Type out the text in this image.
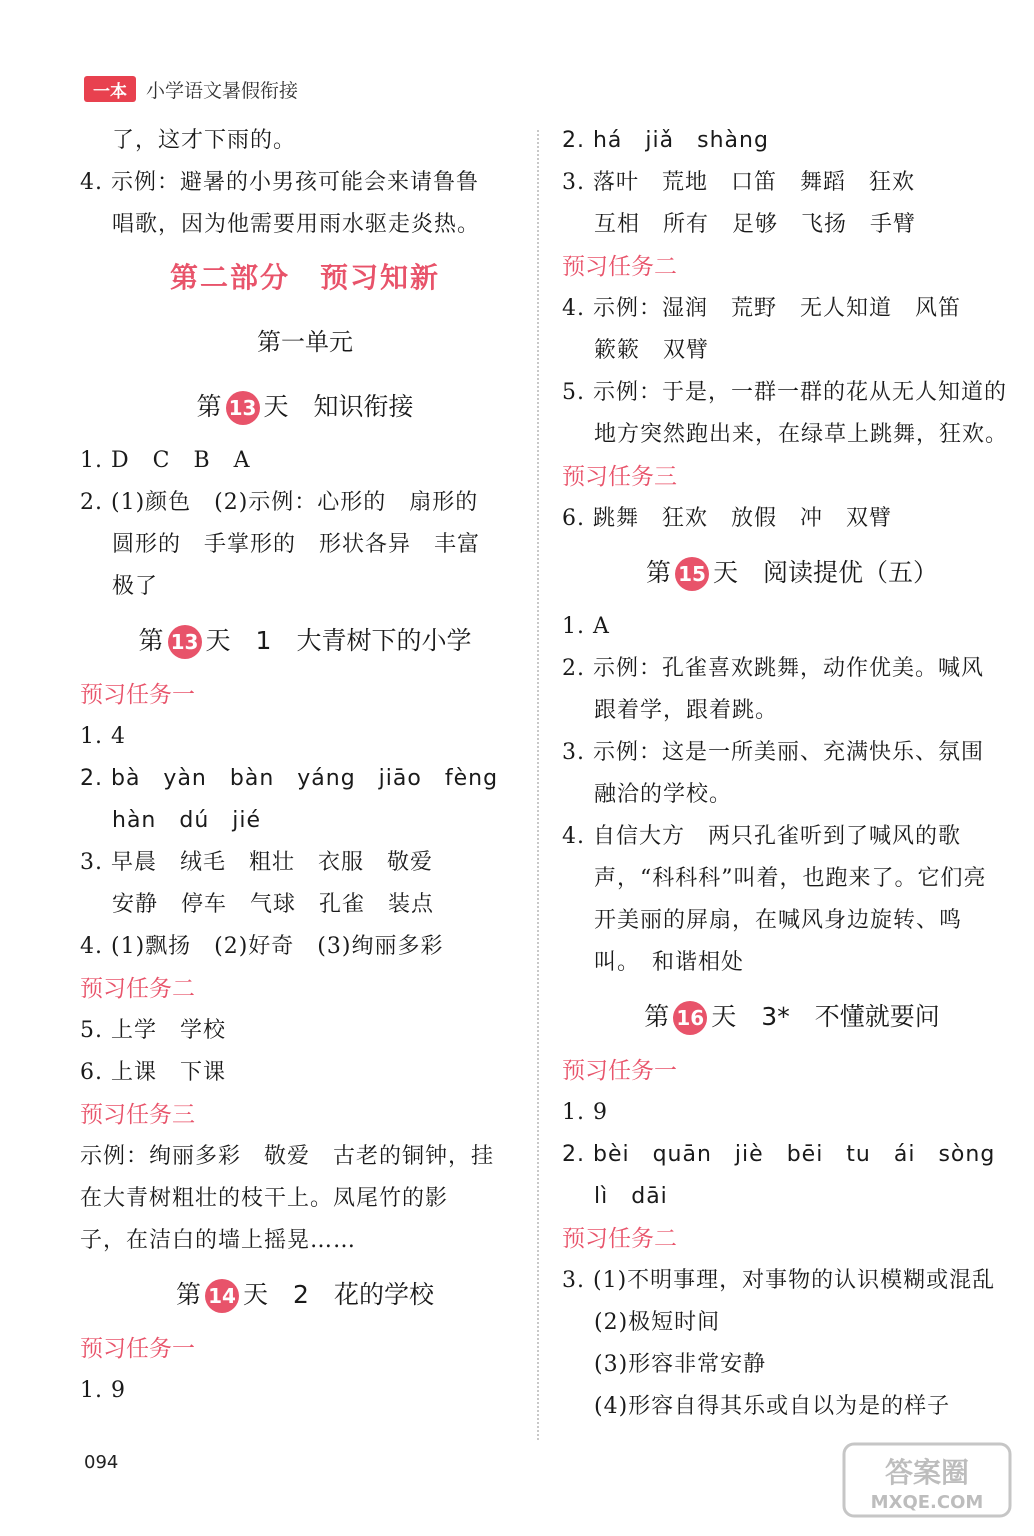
一本	小学语文暑假衔接
了，这才下雨的。
4. 示例：避暑的小男孩可能会来请鲁鲁
唱歌，因为他需要用雨水驱走炎热。
第二部分　预习知新
第一单元
第 13 天　知识衔接
1. D　C　B　A
2. (1)颜色　(2)示例：心形的　扇形的
圆形的　手掌形的　形状各异　丰富
极了
第 13 天　1　大青树下的小学
预习任务一
1. 4
2. bà　yàn　bàn　yáng　jiāo　fèng
hàn　dú　jié
3. 早晨　绒毛　粗壮　衣服　敬爱
安静　停车　气球　孔雀　装点
4. (1)飘扬　(2)好奇　(3)绚丽多彩
预习任务二
5. 上学　学校
6. 上课　下课
预习任务三
示例：绚丽多彩　敬爱　古老的铜钟，挂
在大青树粗壮的枝干上。凤尾竹的影
子，在洁白的墙上摇晃……
第 14 天　2　花的学校
预习任务一
1. 9
2. há　jiǎ　shàng
3. 落叶　荒地　口笛　舞蹈　狂欢
互相　所有　足够　飞扬　手臂
预习任务二
4. 示例：湿润　荒野　无人知道　风笛
簌簌　双臂
5. 示例：于是，一群一群的花从无人知道的
地方突然跑出来，在绿草上跳舞，狂欢。
预习任务三
6. 跳舞　狂欢　放假　冲　双臂
第 15 天　阅读提优（五）
1. A
2. 示例：孔雀喜欢跳舞，动作优美。喊风
跟着学，跟着跳。
3. 示例：这是一所美丽、充满快乐、氛围
融洽的学校。
4. 自信大方　两只孔雀听到了喊风的歌
声，“科科科”叫着，也跑来了。它们亮
开美丽的屏扇，在喊风身边旋转、鸣
叫。　和谐相处
第 16 天　3*　不懂就要问
预习任务一
1. 9
2. bèi　quān　jiè　bēi　tu　ái　sòng
lì　dāi
预习任务二
3. (1)不明事理，对事物的认识模糊或混乱
(2)极短时间
(3)形容非常安静
(4)形容自得其乐或自以为是的样子
094	答案圈
MXQE.COM
